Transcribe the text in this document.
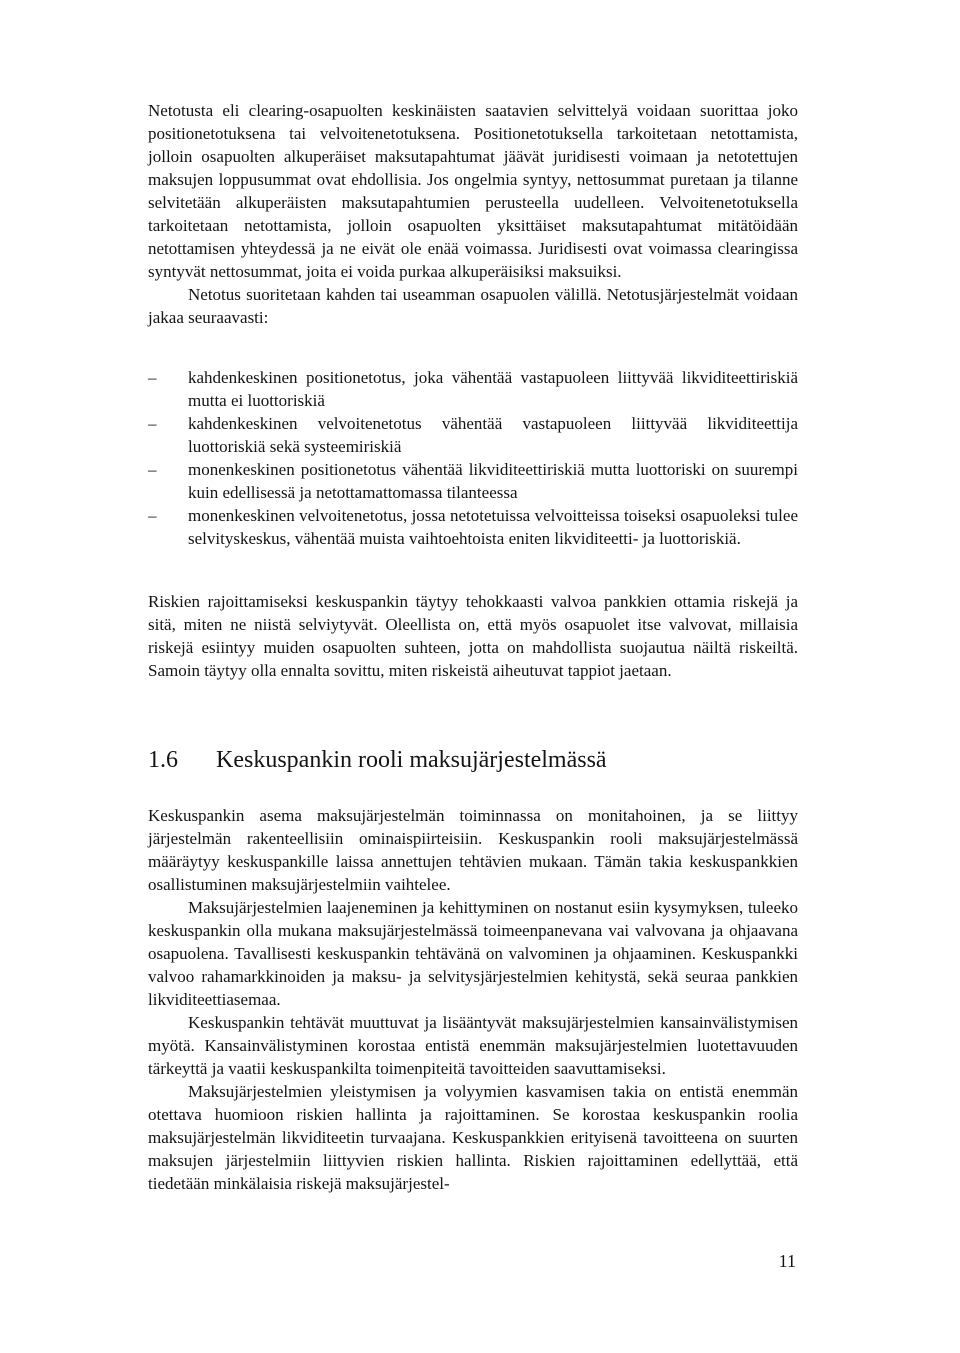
Netotusta eli clearing-osapuolten keskinäisten saatavien selvittelyä voidaan suorittaa joko positionetotuksena tai velvoitenetotuksena. Positionetotuksella tarkoitetaan netottamista, jolloin osapuolten alkuperäiset maksutapahtumat jäävät juridisesti voimaan ja netotettujen maksujen loppusummat ovat ehdollisia. Jos ongelmia syntyy, nettosummat puretaan ja tilanne selvitetään alkuperäisten maksutapahtumien perusteella uudelleen. Velvoitenetotuksella tarkoitetaan netottamista, jolloin osapuolten yksittäiset maksutapahtumat mitätöidään netottamisen yhteydessä ja ne eivät ole enää voimassa. Juridisesti ovat voimassa clearingissa syntyvät nettosummat, joita ei voida purkaa alkuperäisiksi maksuiksi.

Netotus suoritetaan kahden tai useamman osapuolen välillä. Netotusjärjestelmät voidaan jakaa seuraavasti:

– kahdenkeskinen positionetotus, joka vähentää vastapuoleen liittyvää likviditeettiriskiä mutta ei luottoriskiä
– kahdenkeskinen velvoitenetotus vähentää vastapuoleen liittyvää likviditeettija luottoriskiä sekä systeemiriskiä
– monenkeskinen positionetotus vähentää likviditeettiriskiä mutta luottoriski on suurempi kuin edellisessä ja netottamattomassa tilanteessa
– monenkeskinen velvoitenetotus, jossa netotetuissa velvoitteissa toiseksi osapuoleksi tulee selvityskeskus, vähentää muista vaihtoehtoista eniten likviditeetti- ja luottoriskiä.

Riskien rajoittamiseksi keskuspankin täytyy tehokkaasti valvoa pankkien ottamia riskejä ja sitä, miten ne niistä selviytyvät. Oleellista on, että myös osapuolet itse valvovat, millaisia riskejä esiintyy muiden osapuolten suhteen, jotta on mahdollista suojautua näiltä riskeiltä. Samoin täytyy olla ennalta sovittu, miten riskeistä aiheutuvat tappiot jaetaan.

1.6 Keskuspankin rooli maksujärjestelmässä

Keskuspankin asema maksujärjestelmän toiminnassa on monitahoinen, ja se liittyy järjestelmän rakenteellisiin ominaispiirteisiin. Keskuspankin rooli maksujärjestelmässä määräytyy keskuspankille laissa annettujen tehtävien mukaan. Tämän takia keskuspankkien osallistuminen maksujärjestelmiin vaihtelee.

Maksujärjestelmien laajeneminen ja kehittyminen on nostanut esiin kysymyksen, tuleeko keskuspankin olla mukana maksujärjestelmässä toimeenpanevana vai valvovana ja ohjaavana osapuolena. Tavallisesti keskuspankin tehtävänä on valvominen ja ohjaaminen. Keskuspankki valvoo rahamarkkinoiden ja maksu- ja selvitysjärjestelmien kehitystä, sekä seuraa pankkien likviditeettiasemaa.

Keskuspankin tehtävät muuttuvat ja lisääntyvät maksujärjestelmien kansainvälistymisen myötä. Kansainvälistyminen korostaa entistä enemmän maksujärjestelmien luotettavuuden tärkeyttä ja vaatii keskuspankilta toimenpiteitä tavoitteiden saavuttamiseksi.

Maksujärjestelmien yleistymisen ja volyymien kasvamisen takia on entistä enemmän otettava huomioon riskien hallinta ja rajoittaminen. Se korostaa keskuspankin roolia maksujärjestelmän likviditeetin turvaajana. Keskuspankkien erityisenä tavoitteena on suurten maksujen järjestelmiin liittyvien riskien hallinta. Riskien rajoittaminen edellyttää, että tiedetään minkälaisia riskejä maksujärjestel-

11
